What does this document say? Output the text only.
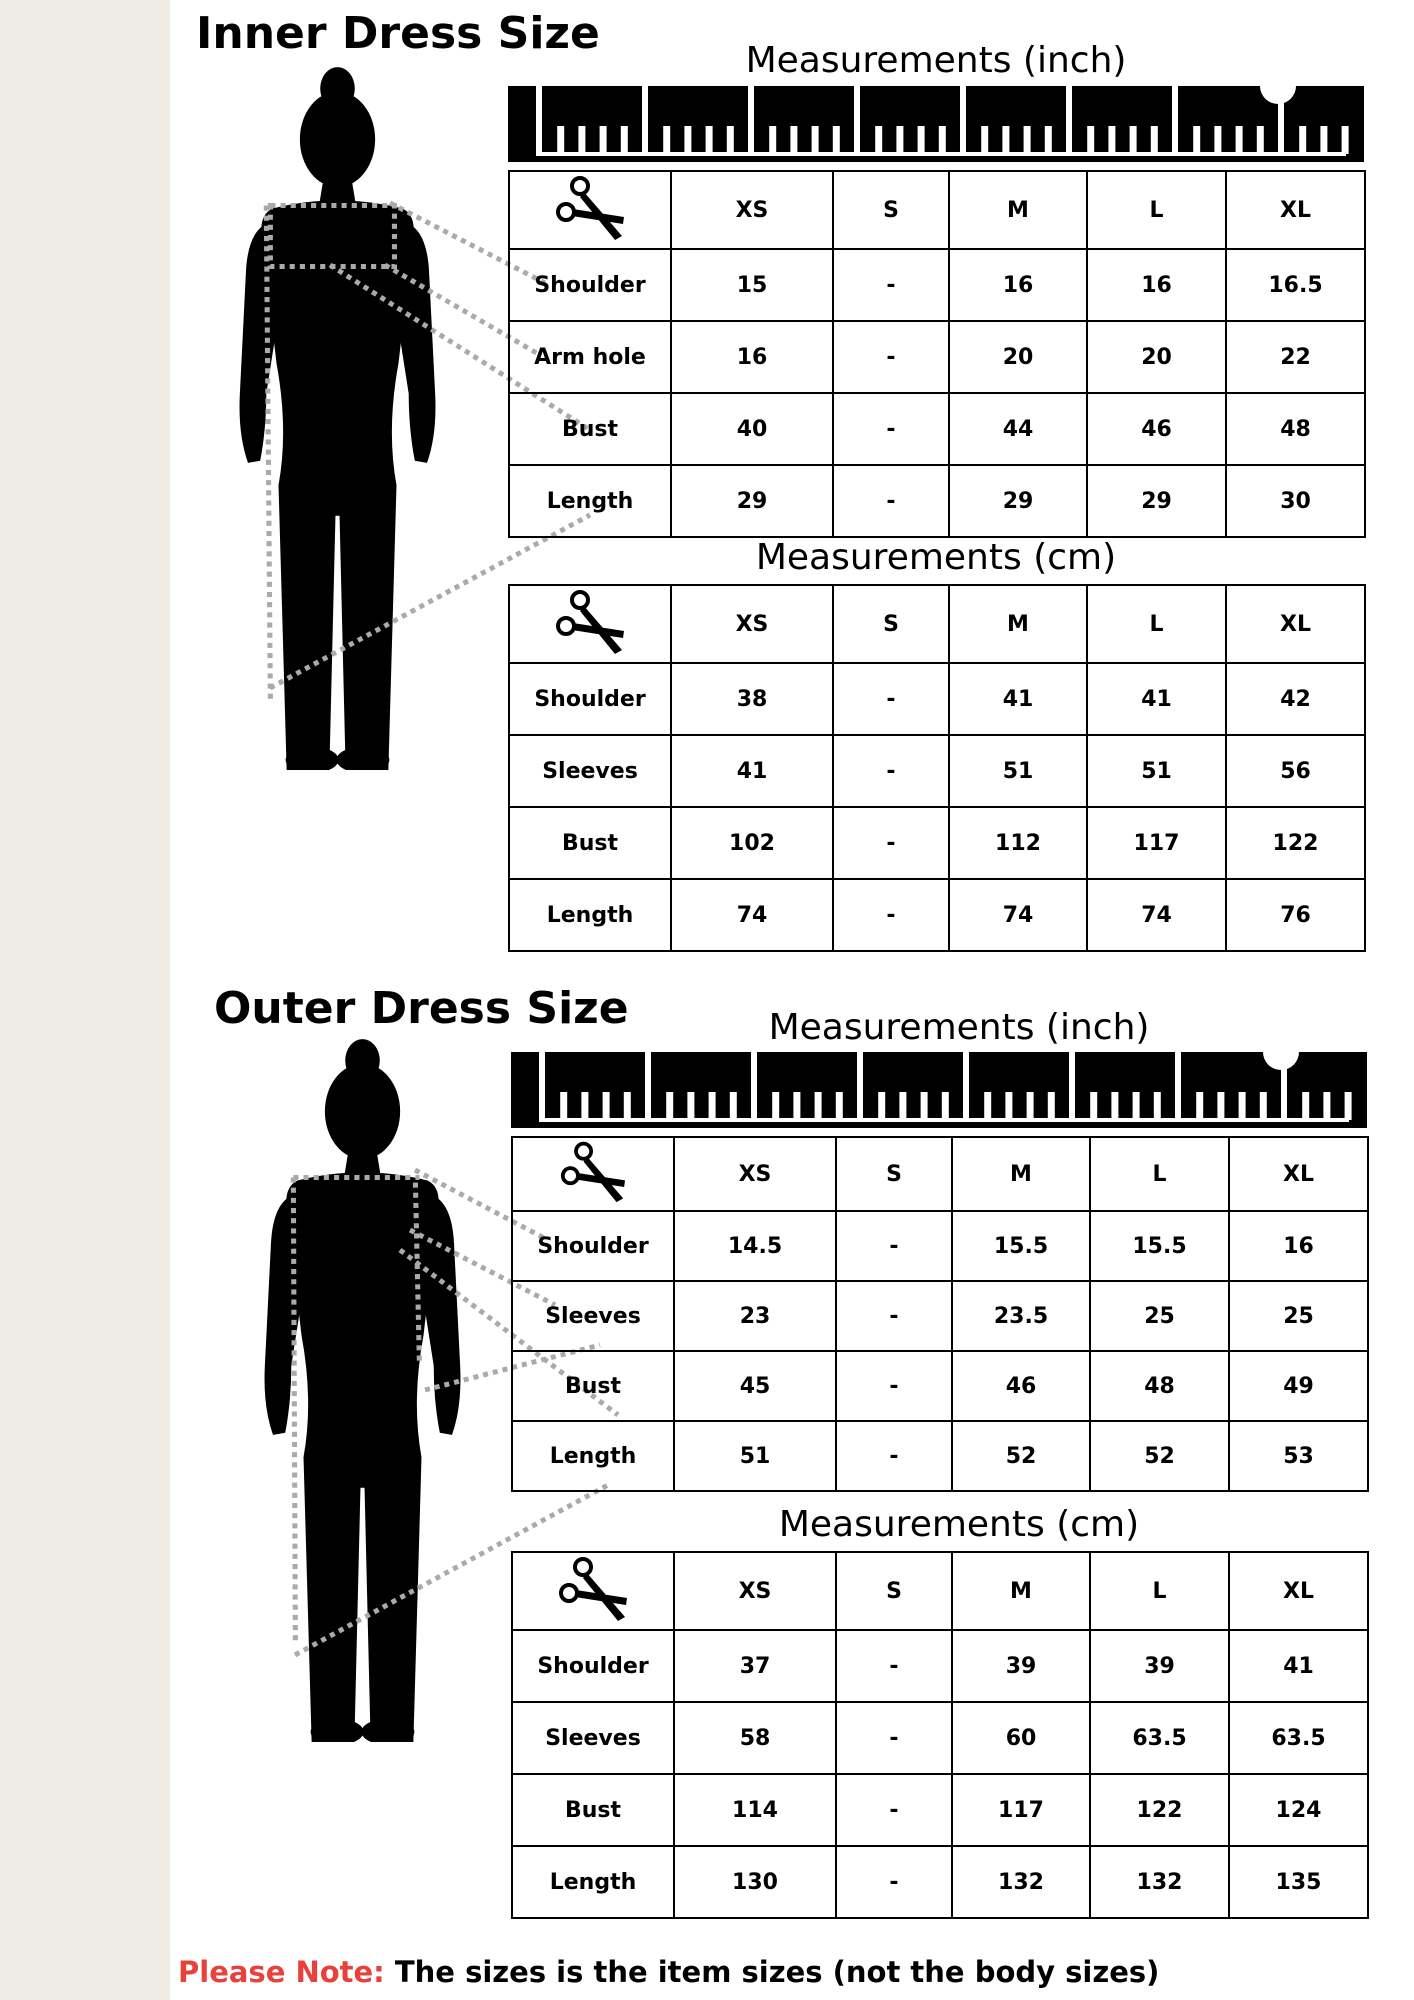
Inner Dress Size
Measurements (inch)
	XS	S	M	L	XL
Shoulder	15	-	16	16	16.5
Arm hole	16	-	20	20	22
Bust	40	-	44	46	48
Length	29	-	29	29	30
Measurements (cm)
	XS	S	M	L	XL
Shoulder	38	-	41	41	42
Sleeves	41	-	51	51	56
Bust	102	-	112	117	122
Length	74	-	74	74	76
Outer Dress Size	Measurements (inch)
	XS	S	M	L	XL
Shoulder	14.5	-	15.5	15.5	16
Sleeves	23	-	23.5	25	25
Bust	45	-	46	48	49
Length	51	-	52	52	53
Measurements (cm)
	XS	S	M	L	XL
Shoulder	37	-	39	39	41
Sleeves	58	-	60	63.5	63.5
Bust	114	-	117	122	124
Length	130	-	132	132	135

Please Note: The sizes is the item sizes (not the body sizes)
